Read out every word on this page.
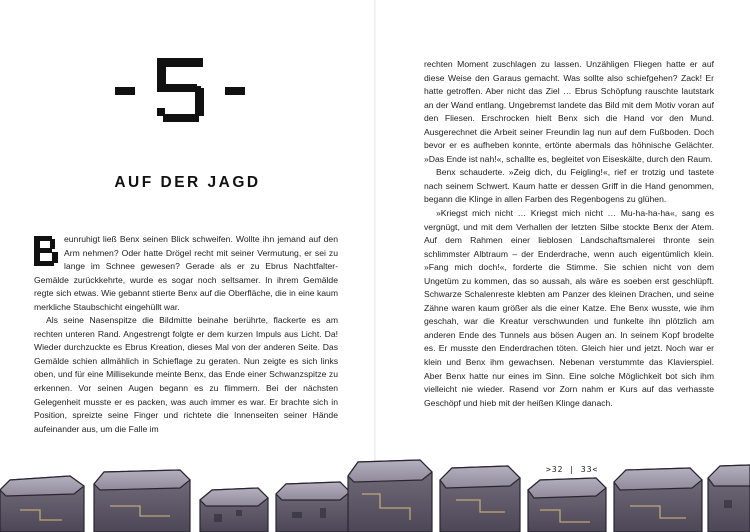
AUF DER JAGD

eunruhigt ließ Benx seinen Blick schweifen. Wollte ihn jemand auf den Arm nehmen? Oder hatte Drögel recht mit seiner Vermutung, er sei zu lange im Schnee gewesen? Gerade als er zu Ebrus Nachtfalter-Gemälde zurückkehrte, wurde es sogar noch seltsamer. In ihrem Gemälde regte sich etwas. Wie gebannt stierte Benx auf die Oberfläche, die in eine kaum merkliche Staubschicht eingehüllt war.

Als seine Nasenspitze die Bildmitte beinahe berührte, flackerte es am rechten unteren Rand. Angestrengt folgte er dem kurzen Impuls aus Licht. Da! Wieder durchzuckte es Ebrus Kreation, dieses Mal von der anderen Seite. Das Gemälde schien allmählich in Schieflage zu geraten. Nun zeigte es sich links oben, und für eine Millisekunde meinte Benx, das Ende einer Schwanzspitze zu erkennen. Vor seinen Augen begann es zu flimmern. Bei der nächsten Gelegenheit musste er es packen, was auch immer es war. Er brachte sich in Position, spreizte seine Finger und richtete die Innenseiten seiner Hände aufeinander aus, um die Falle im

rechten Moment zuschlagen zu lassen. Unzähligen Fliegen hatte er auf diese Weise den Garaus gemacht. Was sollte also schiefgehen? Zack! Er hatte getroffen. Aber nicht das Ziel … Ebrus Schöpfung rauschte lautstark an der Wand entlang. Ungebremst landete das Bild mit dem Motiv voran auf den Fliesen. Erschrocken hielt Benx sich die Hand vor den Mund. Ausgerechnet die Arbeit seiner Freundin lag nun auf dem Fußboden. Doch bevor er es aufheben konnte, ertönte abermals das höhnische Gelächter. »Das Ende ist nah!«, schallte es, begleitet von Eiseskälte, durch den Raum.

Benx schauderte. »Zeig dich, du Feigling!«, rief er trotzig und tastete nach seinem Schwert. Kaum hatte er dessen Griff in die Hand genommen, begann die Klinge in allen Farben des Regenbogens zu glühen.

»Kriegst mich nicht … Kriegst mich nicht … Mu-ha-ha-ha«, sang es vergnügt, und mit dem Verhallen der letzten Silbe stockte Benx der Atem. Auf dem Rahmen einer lieblosen Landschaftsmalerei thronte sein schlimmster Albtraum – der Enderdrache, wenn auch eigentümlich klein. »Fang mich doch!«, forderte die Stimme. Sie schien nicht von dem Ungetüm zu kommen, das so aussah, als wäre es soeben erst geschlüpft. Schwarze Schalenreste klebten am Panzer des kleinen Drachen, und seine Zähne waren kaum größer als die einer Katze. Ehe Benx wusste, wie ihm geschah, war die Kreatur verschwunden und funkelte ihn plötzlich am anderen Ende des Tunnels aus bösen Augen an. In seinem Kopf brodelte es. Er musste den Enderdrachen töten. Gleich hier und jetzt. Noch war er klein und Benx ihm gewachsen. Nebenan verstummte das Klavierspiel. Aber Benx hatte nur eines im Sinn. Eine solche Möglichkeit bot sich ihm vielleicht nie wieder. Rasend vor Zorn nahm er Kurs auf das verhasste Geschöpf und hieb mit der heißen Klinge danach.

>32 | 33<
